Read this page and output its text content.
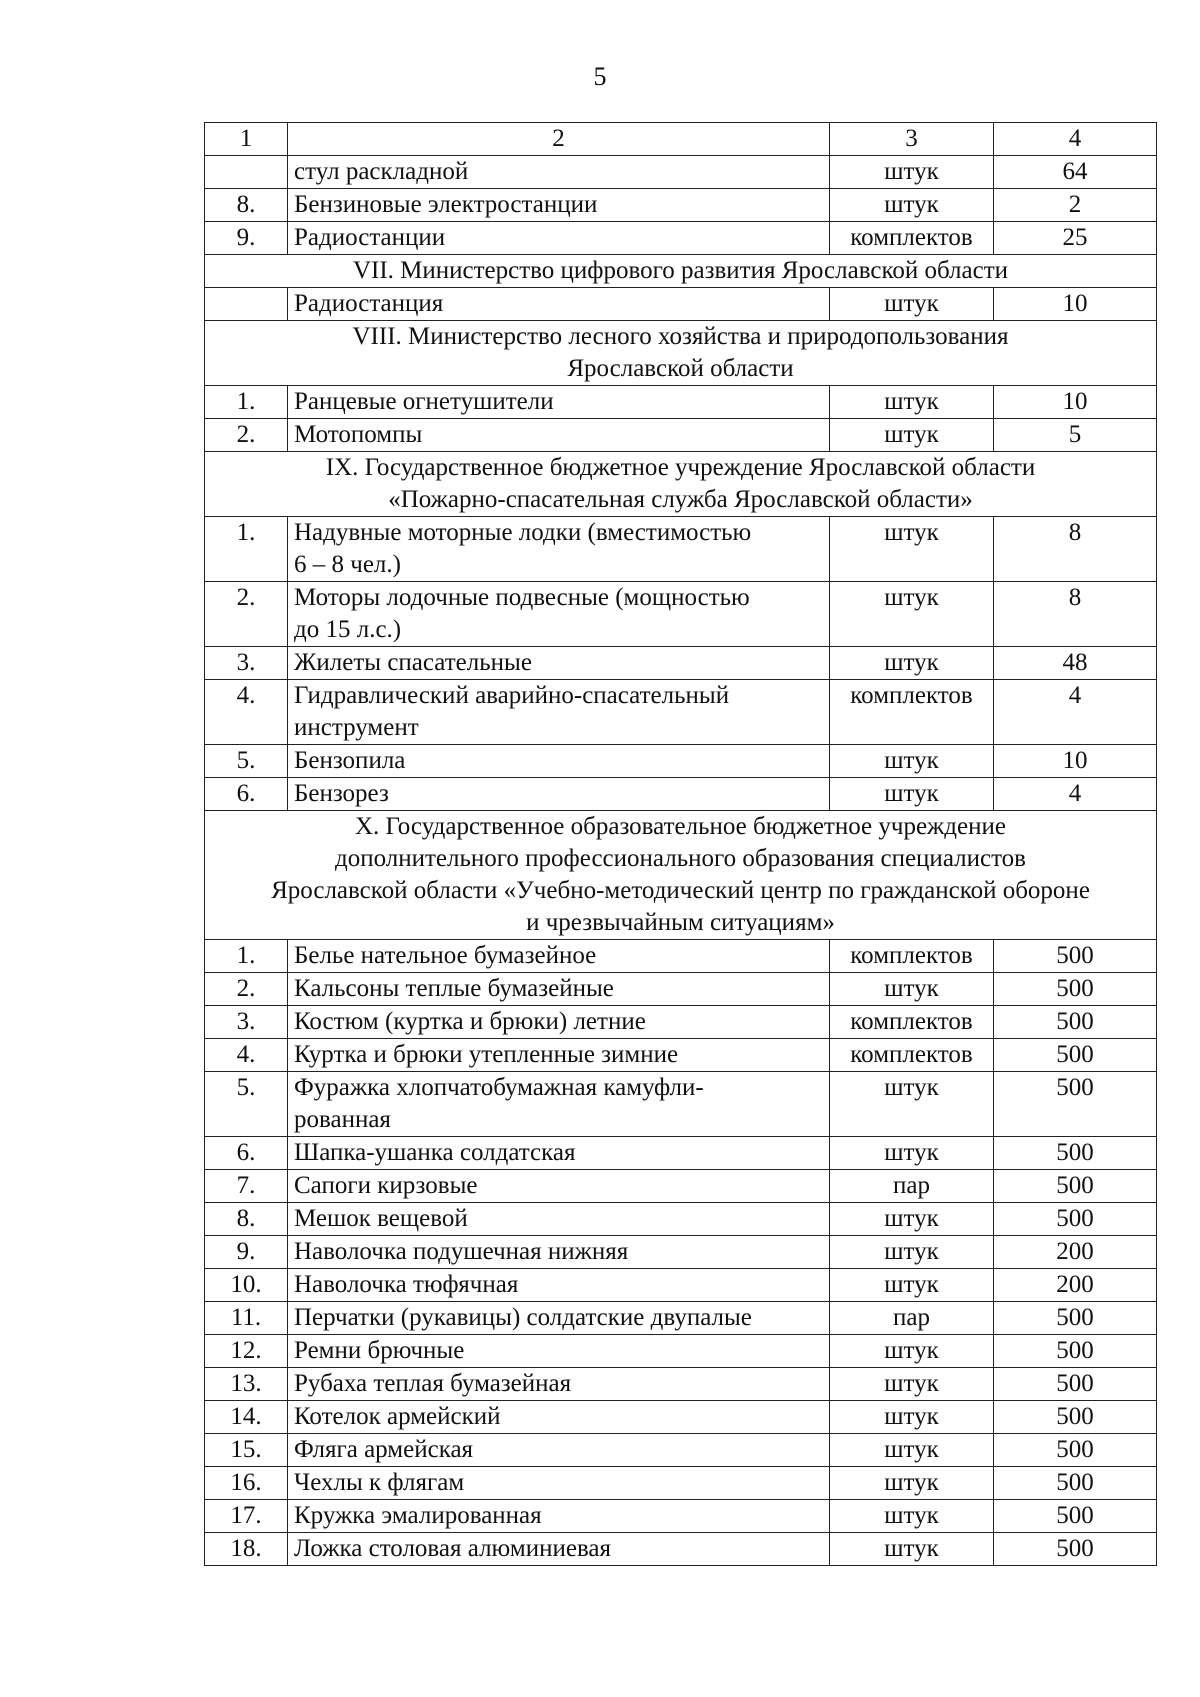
5
1	2	3	4

	стул раскладной	штук	64
8.	Бензиновые электростанции	штук	2
9.	Радиостанции	комплектов	25

VII. Министерство цифрового развития Ярославской области			

	Радиостанция	штук	10

VIII. Министерство лесного хозяйства и природопользования
Ярославской области			

1.	Ранцевые огнетушители	штук	10
2.	Мотопомпы	штук	5

IX. Государственное бюджетное учреждение Ярославской области
«Пожарно-спасательная служба Ярославской области»			

1.	Надувные моторные лодки (вместимостью
6 – 8 чел.)	штук	8
2.	Моторы лодочные подвесные (мощностью
до 15 л.с.)	штук	8
3.	Жилеты спасательные	штук	48
4.	Гидравлический аварийно-спасательный
инструмент	комплектов	4
5.	Бензопила	штук	10
6.	Бензорез	штук	4

X. Государственное образовательное бюджетное учреждение
дополнительного профессионального образования специалистов
Ярославской области «Учебно-методический центр по гражданской обороне
и чрезвычайным ситуациям»			

1.	Белье нательное бумазейное	комплектов	500
2.	Кальсоны теплые бумазейные	штук	500
3.	Костюм (куртка и брюки) летние	комплектов	500
4.	Куртка и брюки утепленные зимние	комплектов	500
5.	Фуражка хлопчатобумажная камуфли-
рованная	штук	500
6.	Шапка-ушанка солдатская	штук	500
7.	Сапоги кирзовые	пар	500
8.	Мешок вещевой	штук	500
9.	Наволочка подушечная нижняя	штук	200
10.	Наволочка тюфячная	штук	200
11.	Перчатки (рукавицы) солдатские двупалые	пар	500
12.	Ремни брючные	штук	500
13.	Рубаха теплая бумазейная	штук	500
14.	Котелок армейский	штук	500
15.	Фляга армейская	штук	500
16.	Чехлы к флягам	штук	500
17.	Кружка эмалированная	штук	500
18.	Ложка столовая алюминиевая	штук	500
